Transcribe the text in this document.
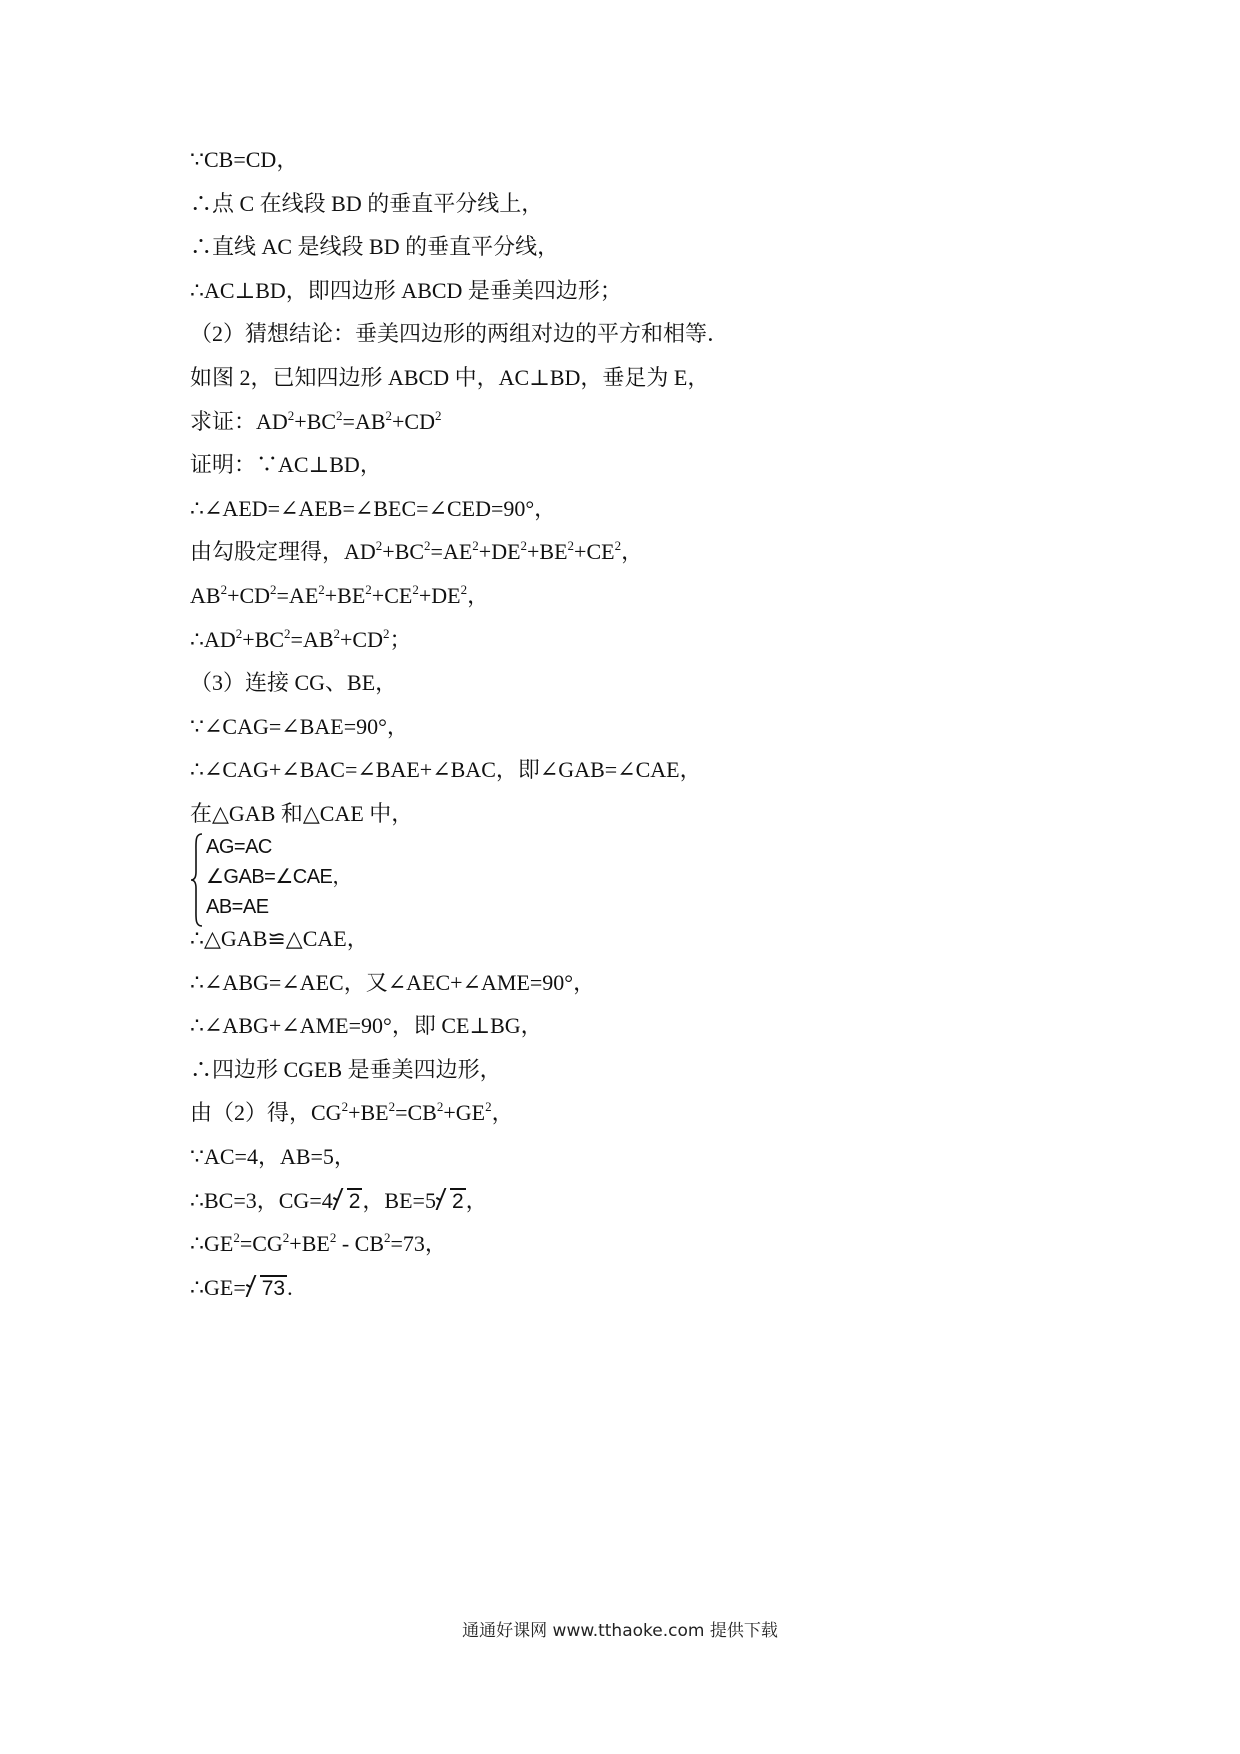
∵CB=CD，
∴点 C 在线段 BD 的垂直平分线上，
∴直线 AC 是线段 BD 的垂直平分线，
∴AC⊥BD，即四边形 ABCD 是垂美四边形；
（2）猜想结论：垂美四边形的两组对边的平方和相等．
如图 2，已知四边形 ABCD 中，AC⊥BD，垂足为 E，
求证：$AD^2+BC^2=AB^2+CD^2$
证明：∵AC⊥BD，
∴∠AED=∠AEB=∠BEC=∠CED=90°，
由勾股定理得，$AD^2+BC^2=AE^2+DE^2+BE^2+CE^2$，
$AB^2+CD^2=AE^2+BE^2+CE^2+DE^2$，
$\therefore AD^2+BC^2=AB^2+CD^2$；
（3）连接 CG、BE，
∵∠CAG=∠BAE=90°，
∴∠CAG+∠BAC=∠BAE+∠BAC，即∠GAB=∠CAE，
在△GAB 和△CAE 中，
AG=AC
∠GAB=∠CAE，
AB=AE
∴△GAB≌△CAE，
∴∠ABG=∠AEC，又∠AEC+∠AME=90°，
∴∠ABG+∠AME=90°，即 CE⊥BG，
∴四边形 CGEB 是垂美四边形，
由（2）得，$CG^2+BE^2=CB^2+GE^2$，
∵AC=4，AB=5，
∴BC=3，CG=4 2，BE=5 2，
$\therefore GE^2=CG^2+BE^2 - CB^2=73$，
∴GE= 73.
通通好课网 www.tthaoke.com 提供下载
